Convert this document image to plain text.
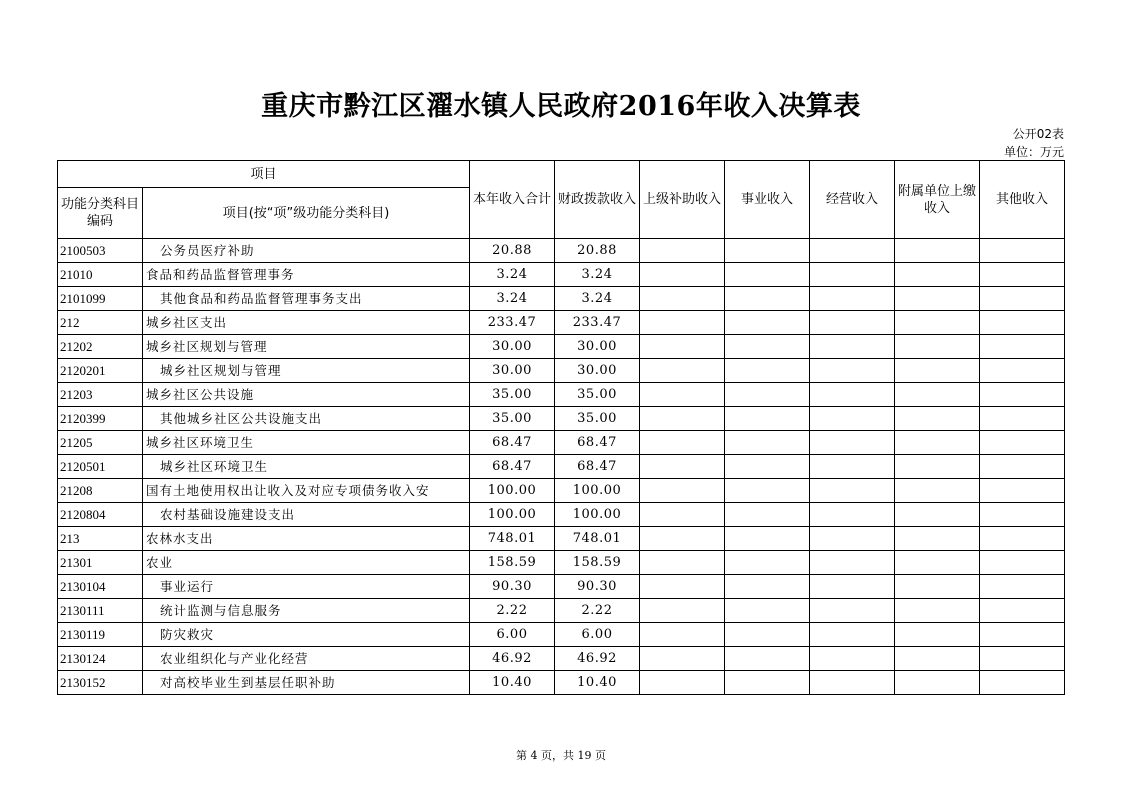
重庆市黔江区濯水镇人民政府2016年收入决算表
公开02表
单位：万元
项目		本年收入合计	财政拨款收入	上级补助收入	事业收入	经营收入	附属单位上缴收入	其他收入
功能分类科目编码	项目(按“项”级功能分类科目)							
2100503	公务员医疗补助	20.88	20.88					
21010	食品和药品监督管理事务	3.24	3.24					
2101099	其他食品和药品监督管理事务支出	3.24	3.24					
212	城乡社区支出	233.47	233.47					
21202	城乡社区规划与管理	30.00	30.00					
2120201	城乡社区规划与管理	30.00	30.00					
21203	城乡社区公共设施	35.00	35.00					
2120399	其他城乡社区公共设施支出	35.00	35.00					
21205	城乡社区环境卫生	68.47	68.47					
2120501	城乡社区环境卫生	68.47	68.47					
21208	国有土地使用权出让收入及对应专项债务收入安	100.00	100.00					
2120804	农村基础设施建设支出	100.00	100.00					
213	农林水支出	748.01	748.01					
21301	农业	158.59	158.59					
2130104	事业运行	90.30	90.30					
2130111	统计监测与信息服务	2.22	2.22					
2130119	防灾救灾	6.00	6.00					
2130124	农业组织化与产业化经营	46.92	46.92					
2130152	对高校毕业生到基层任职补助	10.40	10.40					
第 4 页，共 19 页
